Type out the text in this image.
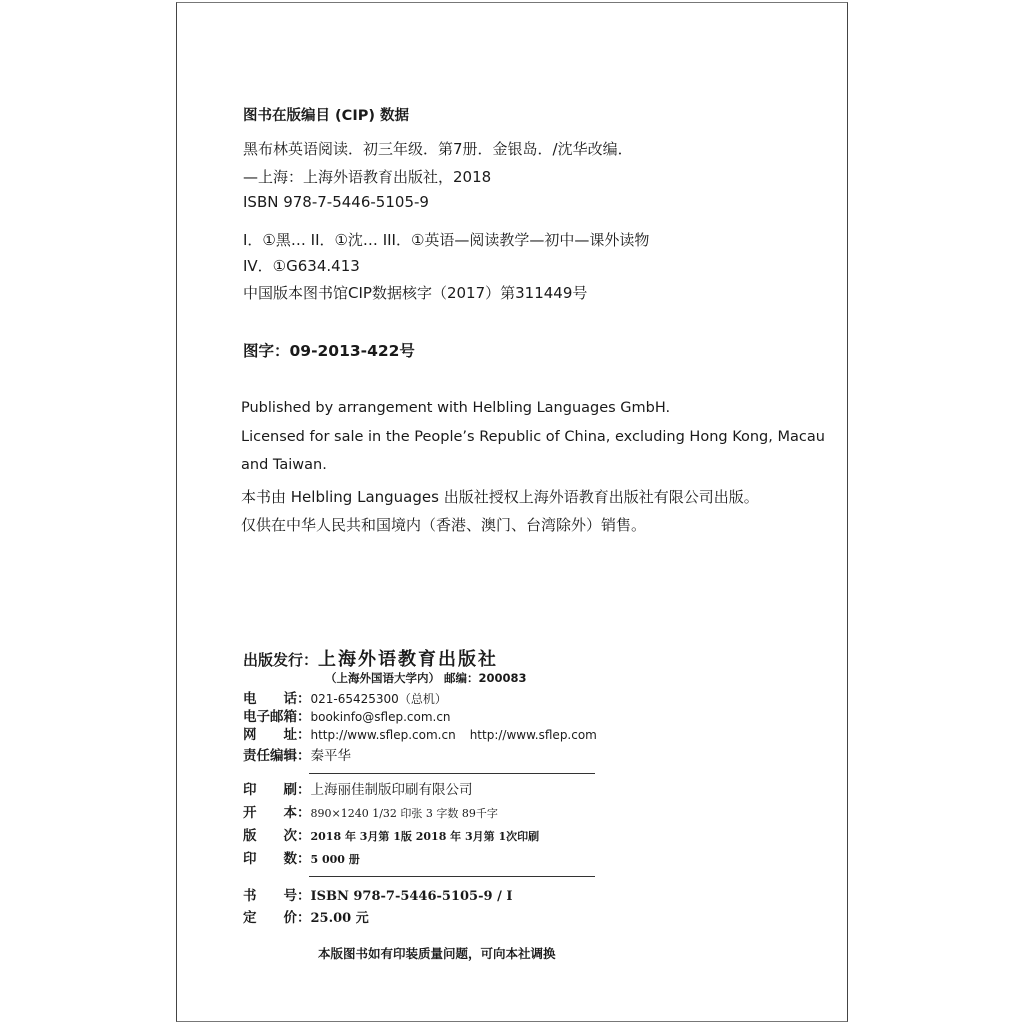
图书在版编目 (CIP) 数据
黑布林英语阅读．初三年级．第7册．金银岛．/沈华改编．
—上海：上海外语教育出版社，2018
ISBN 978-7-5446-5105-9
I．①黑… II．①沈… III．①英语—阅读教学—初中—课外读物
IV．①G634.413
中国版本图书馆CIP数据核字（2017）第311449号
图字：09-2013-422号
Published by arrangement with Helbling Languages GmbH.
Licensed for sale in the People’s Republic of China, excluding Hong Kong, Macau
and Taiwan.
本书由 Helbling Languages 出版社授权上海外语教育出版社有限公司出版。
仅供在中华人民共和国境内（香港、澳门、台湾除外）销售。
出版发行：上海外语教育出版社
（上海外国语大学内） 邮编：200083
电　　话：021-65425300（总机）
电子邮箱：bookinfo@sflep.com.cn
网　　址：http://www.sflep.com.cn http://www.sflep.com
责任编辑：秦平华
印　　刷：上海丽佳制版印刷有限公司
开　　本：890×1240 1/32 印张 3 字数 89千字
版　　次：2018 年 3月第 1版 2018 年 3月第 1次印刷
印　　数：5 000 册
书　　号：ISBN 978-7-5446-5105-9 / I
定　　价：25.00 元
本版图书如有印装质量问题，可向本社调换
